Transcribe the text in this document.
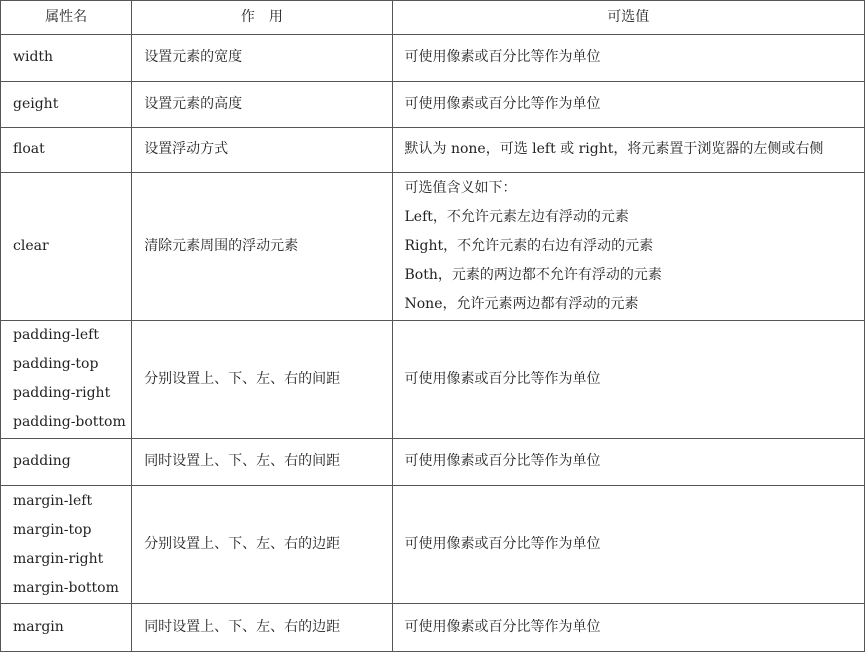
属性名	作　用	可选值

width	设置元素的宽度	可使用像素或百分比等作为单位

geight	设置元素的高度	可使用像素或百分比等作为单位

float	设置浮动方式	默认为 none，可选 left 或 right，将元素置于浏览器的左侧或右侧

clear	清除元素周围的浮动元素	可选值含义如下：
Left，不允许元素左边有浮动的元素
Right，不允许元素的右边有浮动的元素
Both，元素的两边都不允许有浮动的元素
None，允许元素两边都有浮动的元素

padding-left
padding-top
padding-right
padding-bottom	分别设置上、下、左、右的间距	可使用像素或百分比等作为单位

padding	同时设置上、下、左、右的间距	可使用像素或百分比等作为单位

margin-left
margin-top
margin-right
margin-bottom	分别设置上、下、左、右的边距	可使用像素或百分比等作为单位

margin	同时设置上、下、左、右的边距	可使用像素或百分比等作为单位
